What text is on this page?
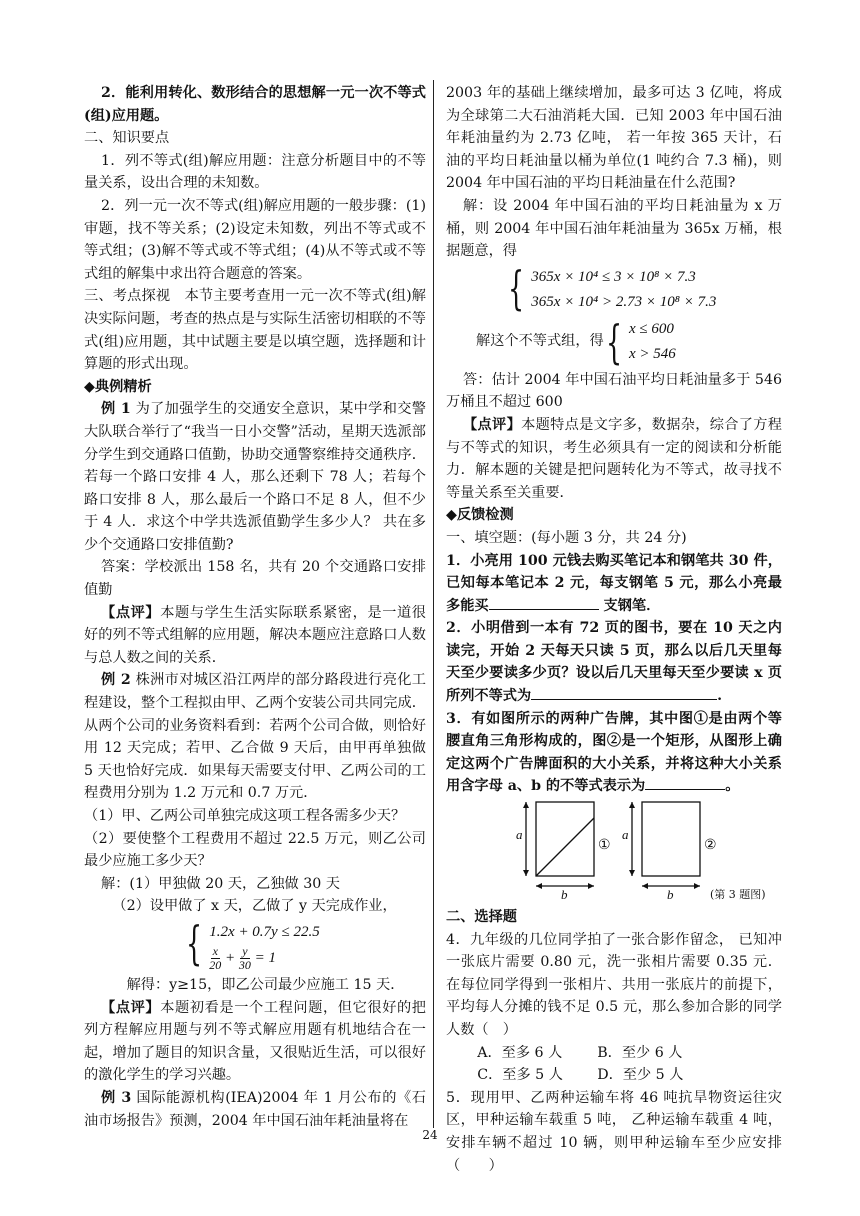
2．能利用转化、数形结合的思想解一元一次不等式(组)应用题。

二、知识要点

1．列不等式(组)解应用题：注意分析题目中的不等量关系，设出合理的未知数。

2．列一元一次不等式(组)解应用题的一般步骤：(1)审题，找不等关系；(2)设定未知数，列出不等式或不等式组；(3)解不等式或不等式组；(4)从不等式或不等式组的解集中求出符合题意的答案。

三、考点探视　本节主要考查用一元一次不等式(组)解决实际问题，考查的热点是与实际生活密切相联的不等式(组)应用题，其中试题主要是以填空题，选择题和计算题的形式出现。

◆典例精析

例 1 为了加强学生的交通安全意识，某中学和交警大队联合举行了“我当一日小交警”活动，星期天选派部分学生到交通路口值勤，协助交通警察维持交通秩序．若每一个路口安排 4 人，那么还剩下 78 人；若每个路口安排 8 人，那么最后一个路口不足 8 人，但不少于 4 人．求这个中学共选派值勤学生多少人？ 共在多少个交通路口安排值勤?

答案：学校派出 158 名，共有 20 个交通路口安排值勤

【点评】本题与学生生活实际联系紧密，是一道很好的列不等式组解的应用题，解决本题应注意路口人数与总人数之间的关系．

例 2 株洲市对城区沿江两岸的部分路段进行亮化工程建设，整个工程拟由甲、乙两个安装公司共同完成．从两个公司的业务资料看到：若两个公司合做，则恰好用 12 天完成；若甲、乙合做 9 天后，由甲再单独做 5 天也恰好完成．如果每天需要支付甲、乙两公司的工程费用分别为 1.2 万元和 0.7 万元．

（1）甲、乙两公司单独完成这项工程各需多少天？

（2）要使整个工程费用不超过 22.5 万元，则乙公司最少应施工多少天？

解：(1）甲独做 20 天，乙独做 30 天

（2）设甲做了 x 天，乙做了 y 天完成作业，

{ 1.2x + 0.7y ≤ 22.5
$\frac{x}{20} + \frac{y}{30} = 1$

解得：y≥15，即乙公司最少应施工 15 天．

【点评】本题初看是一个工程问题，但它很好的把列方程解应用题与列不等式解应用题有机地结合在一起，增加了题目的知识含量，又很贴近生活，可以很好的激化学生的学习兴趣。

例 3 国际能源机构(IEA)2004 年 1 月公布的《石油市场报告》预测，2004 年中国石油年耗油量将在

2003 年的基础上继续增加，最多可达 3 亿吨，将成为全球第二大石油消耗大国．已知 2003 年中国石油年耗油量约为 2.73 亿吨， 若一年按 365 天计，石油的平均日耗油量以桶为单位(1 吨约合 7.3 桶)，则 2004 年中国石油的平均日耗油量在什么范围?

解：设 2004 年中国石油的平均日耗油量为 x 万桶，则 2004 年中国石油年耗油量为 365x 万桶，根据题意，得

{ 365x × 10⁴ ≤ 3 × 10⁸ × 7.3
365x × 10⁴ > 2.73 × 10⁸ × 7.3
解这个不等式组，得 { x ≤ 600
x > 546

答：估计 2004 年中国石油平均日耗油量多于 546 万桶且不超过 600

【点评】本题特点是文字多，数据杂，综合了方程与不等式的知识，考生必须具有一定的阅读和分析能力．解本题的关键是把问题转化为不等式，故寻找不等量关系至关重要．

◆反馈检测

一、填空题：(每小题 3 分，共 24 分)

1．小亮用 100 元钱去购买笔记本和钢笔共 30 件，已知每本笔记本 2 元，每支钢笔 5 元，那么小亮最多能买	支钢笔．

2．小明借到一本有 72 页的图书，要在 10 天之内读完，开始 2 天每天只读 5 页，那么以后几天里每天至少要读多少页？设以后几天里每天至少要读 x 页所列不等式为	.

3．有如图所示的两种广告牌，其中图①是由两个等腰直角三角形构成的，图②是一个矩形，从图形上确定这两个广告牌面积的大小关系，并将这种大小关系用含字母 a、b 的不等式表示为	。

a	a
b	b
①	②
(第 3 题图)

二、选择题

4．九年级的几位同学拍了一张合影作留念， 已知冲一张底片需要 0.80 元，洗一张相片需要 0.35 元．在每位同学得到一张相片、共用一张底片的前提下，平均每人分摊的钱不足 0.5 元，那么参加合影的同学人数（　）

A．至多 6 人	B．至少 6 人
C．至多 5 人	D．至少 5 人

5．现用甲、乙两种运输车将 46 吨抗旱物资运往灾区，甲种运输车载重 5 吨， 乙种运输车载重 4 吨，安排车辆不超过 10 辆，则甲种运输车至少应安排（　　）

24
